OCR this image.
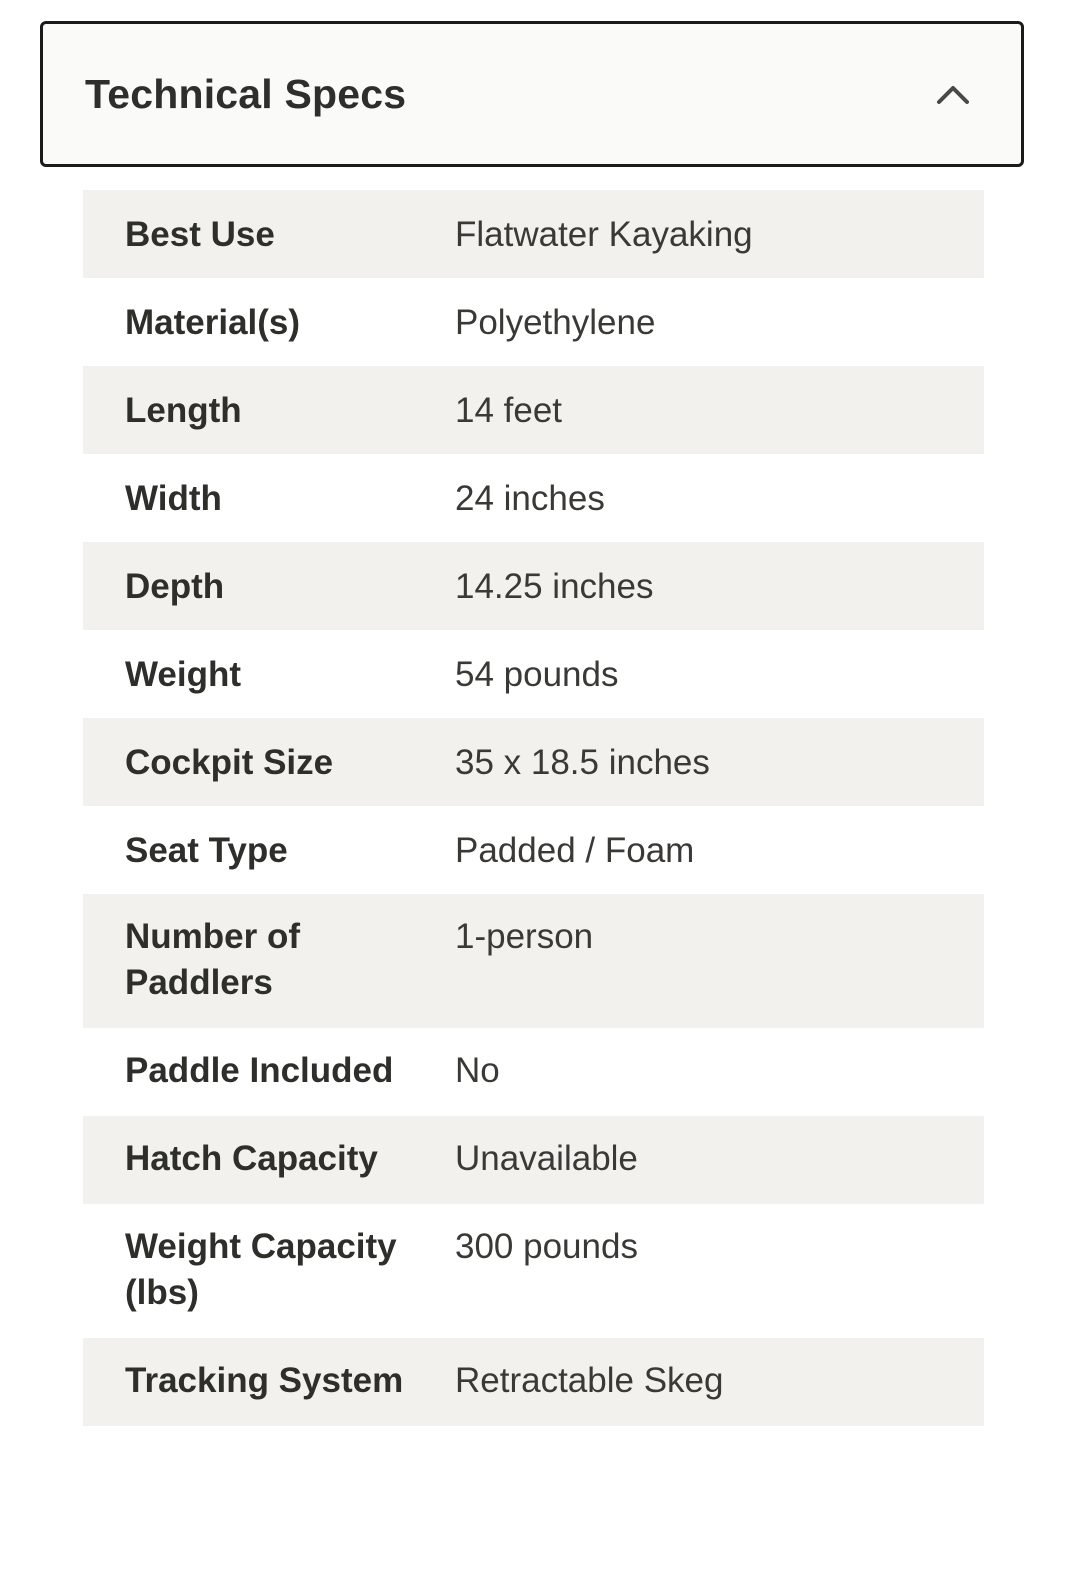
Technical Specs
Best Use	Flatwater Kayaking
Material(s)	Polyethylene
Length	14 feet
Width	24 inches
Depth	14.25 inches
Weight	54 pounds
Cockpit Size	35 x 18.5 inches
Seat Type	Padded / Foam
Number of Paddlers	1-person
Paddle Included	No
Hatch Capacity	Unavailable
Weight Capacity (lbs)	300 pounds
Tracking System	Retractable Skeg
